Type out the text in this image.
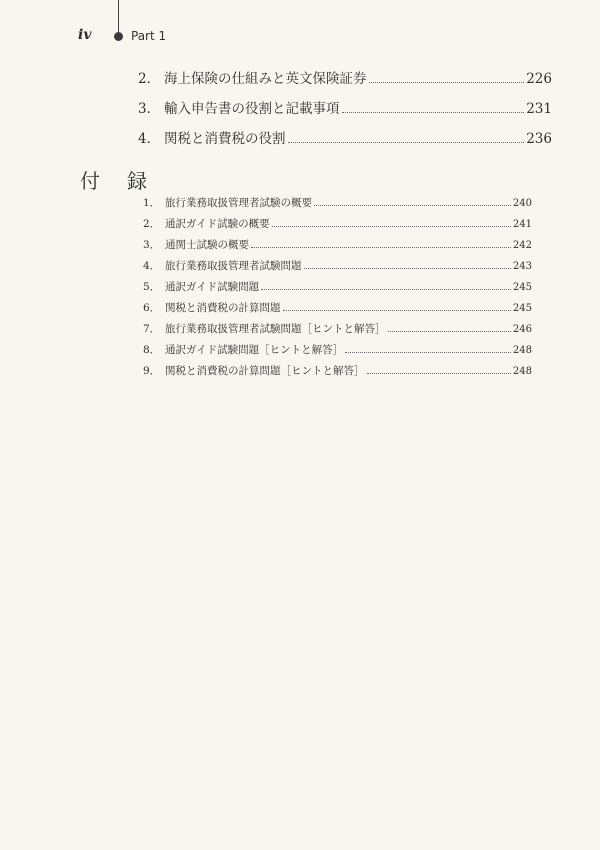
iv	Part 1
2． 海上保険の仕組みと英文保険証券	226
3． 輸入申告書の役割と記載事項	231
4． 関税と消費税の役割	236
付録
1． 旅行業務取扱管理者試験の概要	240
2． 通訳ガイド試験の概要	241
3． 通関士試験の概要	242
4． 旅行業務取扱管理者試験問題	243
5． 通訳ガイド試験問題	245
6． 関税と消費税の計算問題	245
7． 旅行業務取扱管理者試験問題［ヒントと解答］	246
8． 通訳ガイド試験問題［ヒントと解答］	248
9． 関税と消費税の計算問題［ヒントと解答］	248
